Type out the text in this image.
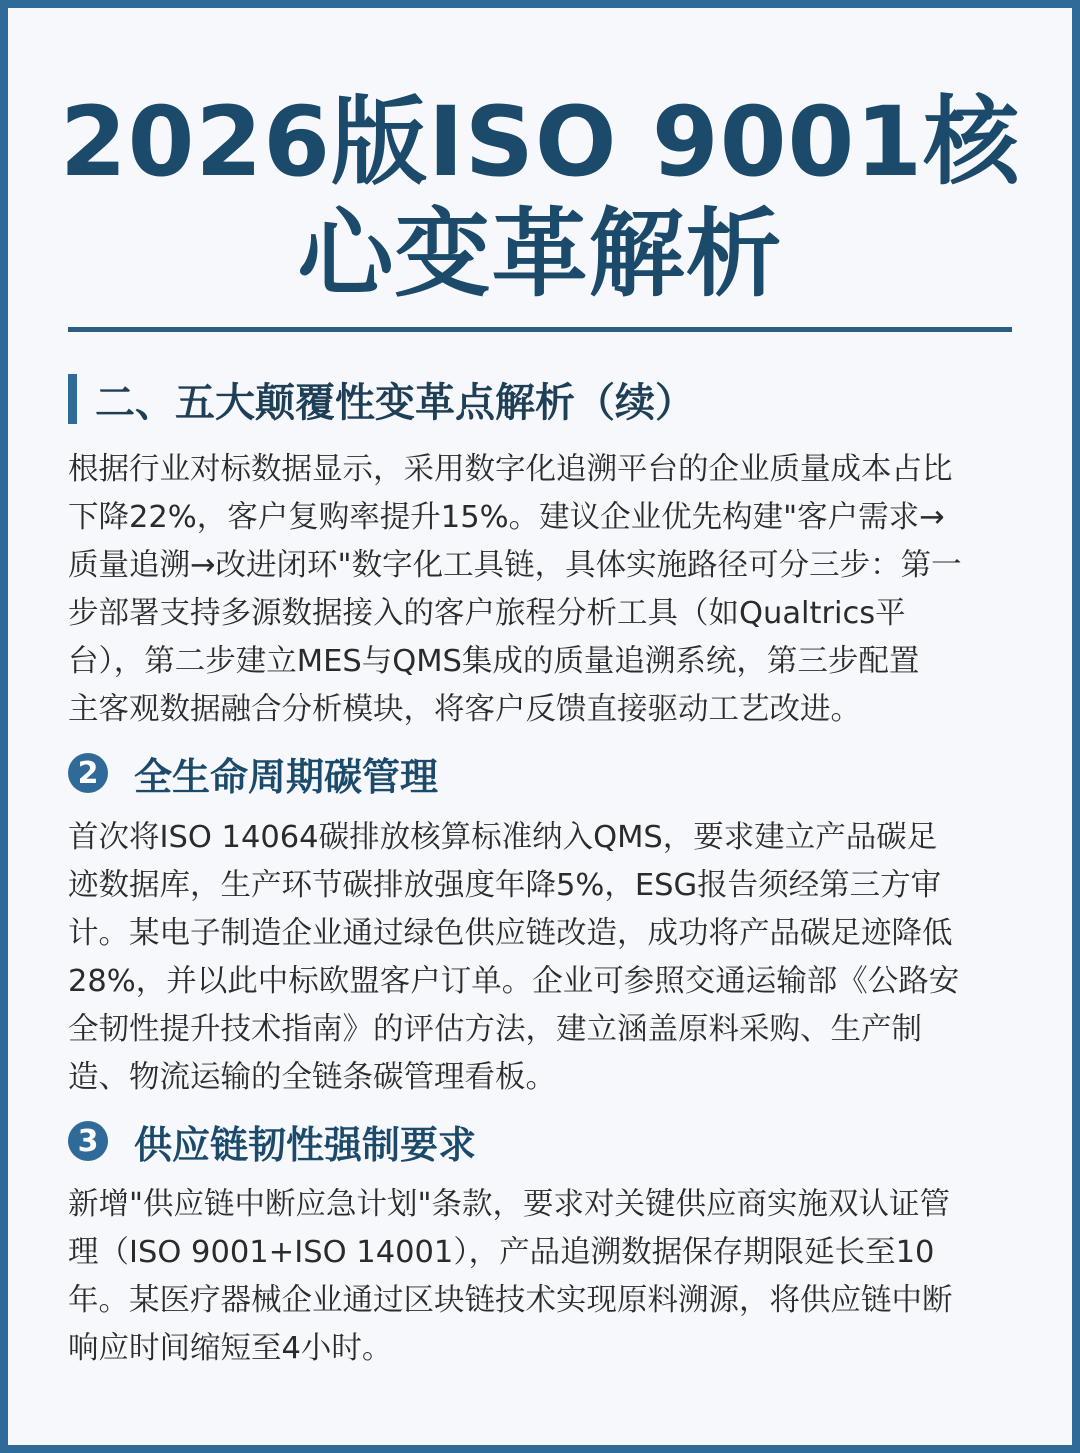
2026版ISO 9001核
心变革解析
二、五大颠覆性变革点解析（续）
根据行业对标数据显示，采用数字化追溯平台的企业质量成本占比
下降22%，客户复购率提升15%。建议企业优先构建"客户需求→
质量追溯→改进闭环"数字化工具链，具体实施路径可分三步：第一
步部署支持多源数据接入的客户旅程分析工具（如Qualtrics平
台），第二步建立MES与QMS集成的质量追溯系统，第三步配置
主客观数据融合分析模块，将客户反馈直接驱动工艺改进。
2 全生命周期碳管理
首次将ISO 14064碳排放核算标准纳入QMS，要求建立产品碳足
迹数据库，生产环节碳排放强度年降5%，ESG报告须经第三方审
计。某电子制造企业通过绿色供应链改造，成功将产品碳足迹降低
28%，并以此中标欧盟客户订单。企业可参照交通运输部《公路安
全韧性提升技术指南》的评估方法，建立涵盖原料采购、生产制
造、物流运输的全链条碳管理看板。
3 供应链韧性强制要求
新增"供应链中断应急计划"条款，要求对关键供应商实施双认证管
理（ISO 9001+ISO 14001），产品追溯数据保存期限延长至10
年。某医疗器械企业通过区块链技术实现原料溯源，将供应链中断
响应时间缩短至4小时。
